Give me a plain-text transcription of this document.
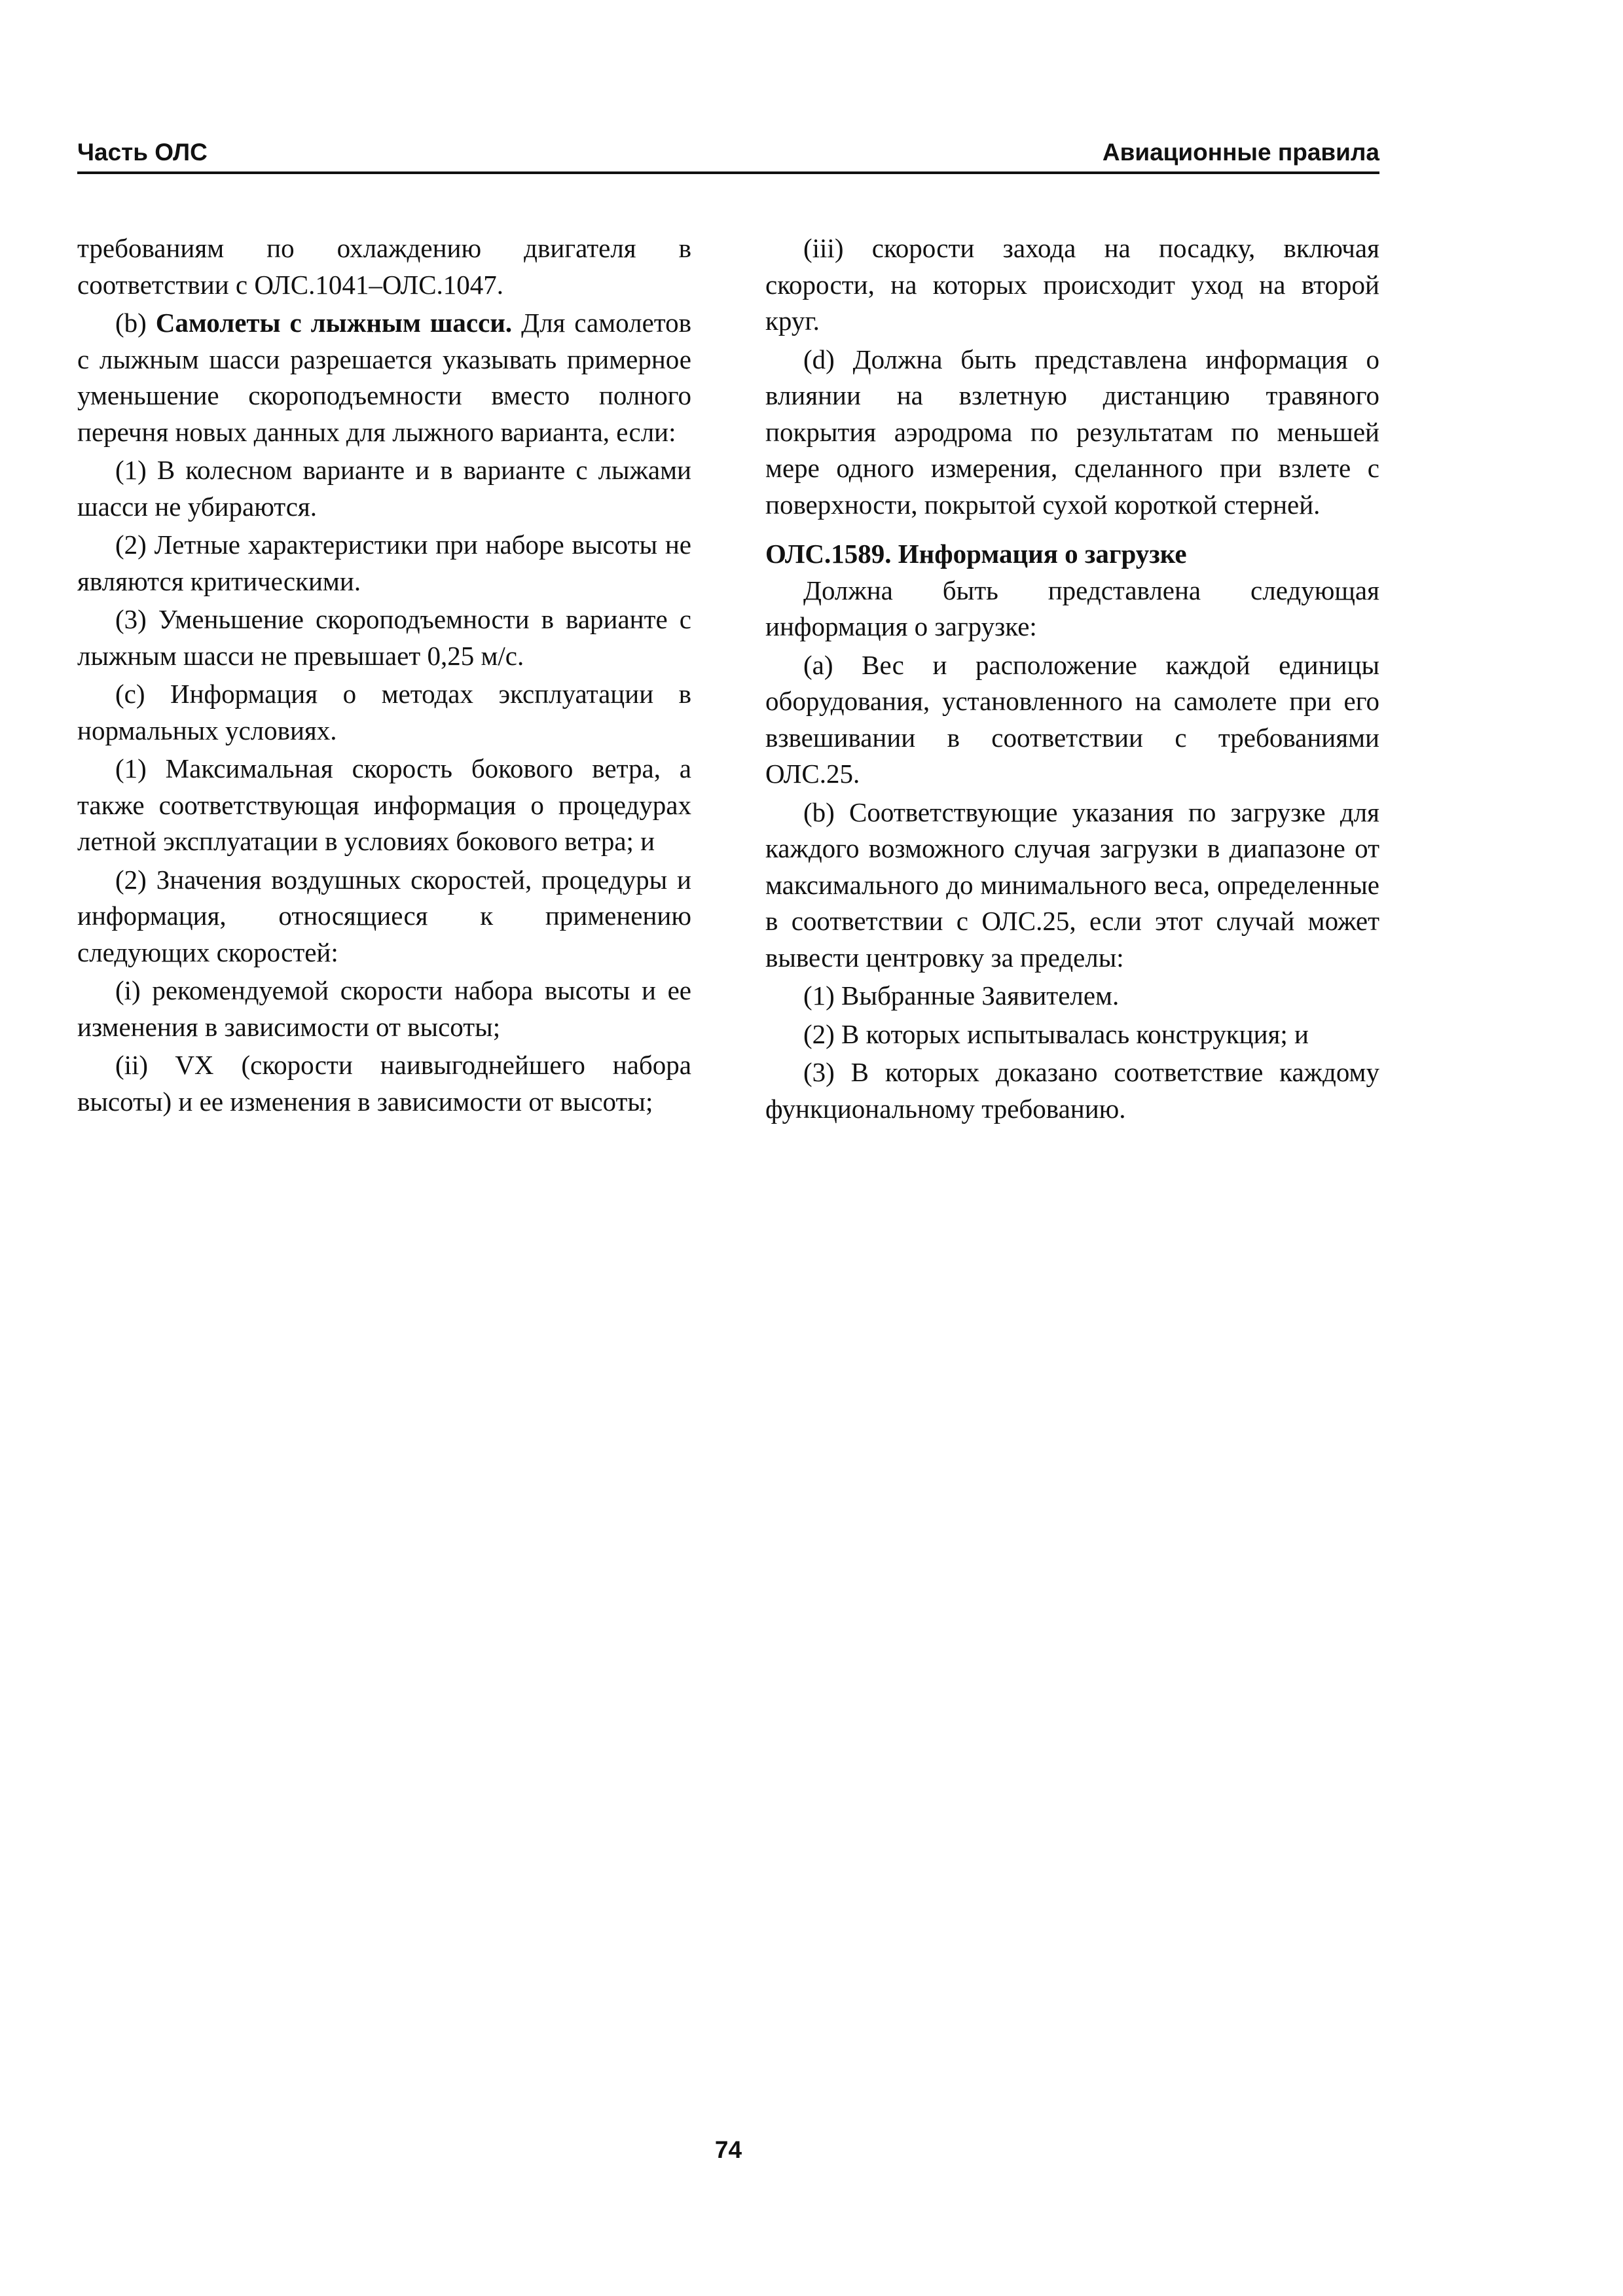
Часть ОЛС	Авиационные правила

требованиям по охлаждению двигателя в соответствии с ОЛС.1041–ОЛС.1047.

(b) Самолеты с лыжным шасси. Для самолетов с лыжным шасси разрешается указывать примерное уменьшение скороподъемности вместо полного перечня новых данных для лыжного варианта, если:

(1) В колесном варианте и в варианте с лыжами шасси не убираются.

(2) Летные характеристики при наборе высоты не являются критическими.

(3) Уменьшение скороподъемности в варианте с лыжным шасси не превышает 0,25 м/с.

(c) Информация о методах эксплуатации в нормальных условиях.

(1) Максимальная скорость бокового ветра, а также соответствующая информация о процедурах летной эксплуатации в условиях бокового ветра; и

(2) Значения воздушных скоростей, процедуры и информация, относящиеся к применению следующих скоростей:

(i) рекомендуемой скорости набора высоты и ее изменения в зависимости от высоты;

(ii) VX (скорости наивыгоднейшего набора высоты) и ее изменения в зависимости от высоты;

(iii) скорости захода на посадку, включая скорости, на которых происходит уход на второй круг.

(d) Должна быть представлена информация о влиянии на взлетную дистанцию травяного покрытия аэродрома по результатам по меньшей мере одного измерения, сделанного при взлете с поверхности, покрытой сухой короткой стерней.

ОЛС.1589. Информация о загрузке

Должна быть представлена следующая информация о загрузке:

(a) Вес и расположение каждой единицы оборудования, установленного на самолете при его взвешивании в соответствии с требованиями ОЛС.25.

(b) Соответствующие указания по загрузке для каждого возможного случая загрузки в диапазоне от максимального до минимального веса, определенные в соответствии с ОЛС.25, если этот случай может вывести центровку за пределы:

(1) Выбранные Заявителем.

(2) В которых испытывалась конструкция; и

(3) В которых доказано соответствие каждому функциональному требованию.

74
